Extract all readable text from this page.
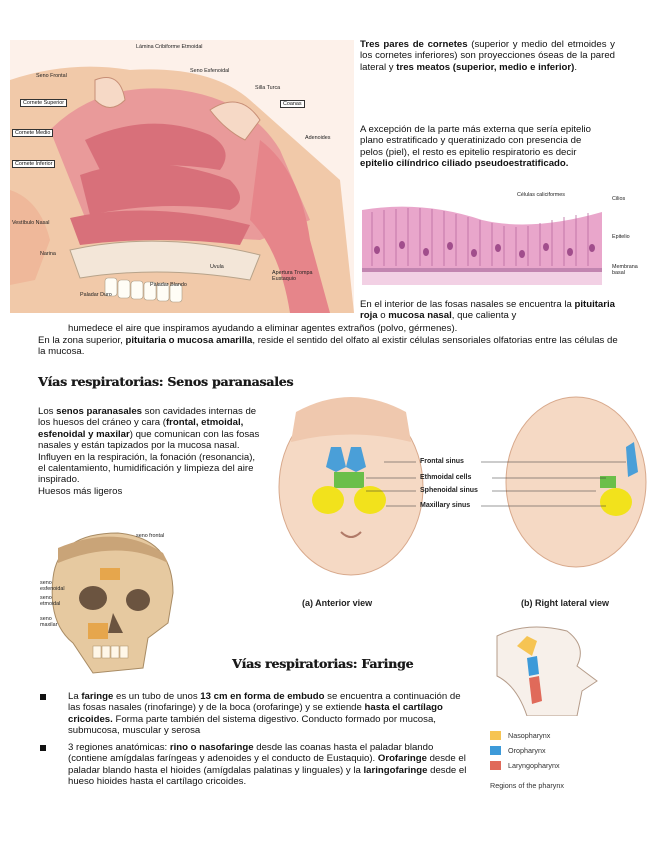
Lámina Cribiforme Etmoidal
Seno Frontal
Seno Esfenoidal
Silla Turca
Cornete Superior	Coanas
Cornete Medio
Adenoides
Cornete Inferior
Vestíbulo Nasal
Narina
Uvula
Apertura Trompa Eustaquio
Paladar Blando
Paladar Duro
Tres pares de cornetes (superior y medio del etmoides y los cornetes inferiores) son proyecciones óseas de la pared lateral y tres meatos (superior, medio e inferior).
A excepción de la parte más externa que sería epitelio plano estratificado y queratinizado con presencia de pelos (piel), el resto es epitelio respiratorio es decir epitelio cilíndrico ciliado pseudoestratificado.
Células caliciformes
Cilios
Epitelio
Membrana basal
En el interior de las fosas nasales se encuentra la pituitaria roja o mucosa nasal, que calienta y
humedece el aire que inspiramos ayudando a eliminar agentes extraños (polvo, gérmenes).
En la zona superior, pituitaria o mucosa amarilla, reside el sentido del olfato al existir células sensoriales olfatorias entre las células de la mucosa.
Vías respiratorias: Senos paranasales
Los senos paranasales son cavidades internas de los huesos del cráneo y cara (frontal, etmoidal, esfenoidal y maxilar) que comunican con las fosas nasales y están tapizados por la mucosa nasal.
Influyen en la respiración, la fonación (resonancia), el calentamiento, humidificación y limpieza del aire inspirado.
Huesos más ligeros
Frontal sinus
Ethmoidal cells
Sphenoidal sinus
Maxillary sinus
(a) Anterior view	(b) Right lateral view
seno frontal
seno esfenoidal
seno etmoidal
seno maxilar
Vías respiratorias: Faringe
Nasopharynx
Oropharynx
Laryngopharynx
Regions of the pharynx
La faringe es un tubo de unos 13 cm en forma de embudo se encuentra a continuación de las fosas nasales (rinofaringe) y de la boca (orofaringe) y se extiende hasta el cartílago cricoides. Forma parte también del sistema digestivo. Conducto formado por mucosa, submucosa, muscular y serosa
3 regiones anatómicas: rino o nasofaringe desde las coanas hasta el paladar blando (contiene amígdalas faríngeas y adenoides y el conducto de Eustaquio). Orofaringe desde el paladar blando hasta el hioides (amígdalas palatinas y linguales) y la laringofaringe desde el hueso hioides hasta el cartílago cricoides.
